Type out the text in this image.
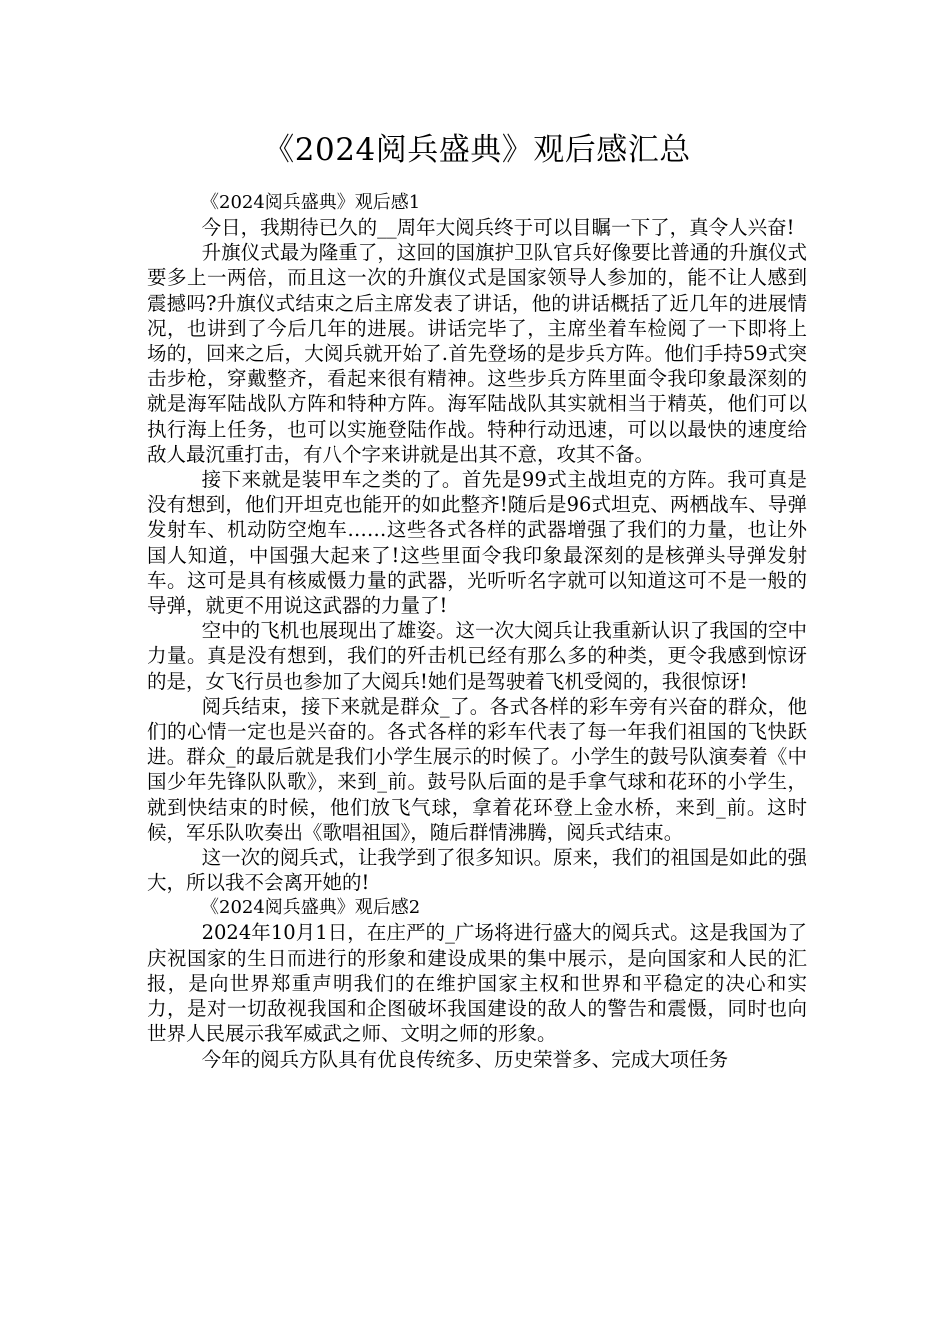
《2024阅兵盛典》观后感汇总
《2024阅兵盛典》观后感1

今日，我期待已久的__周年大阅兵终于可以目瞩一下了，真令人兴奋!

升旗仪式最为隆重了，这回的国旗护卫队官兵好像要比普通的升旗仪式要多上一两倍，而且这一次的升旗仪式是国家领导人参加的，能不让人感到震撼吗?升旗仪式结束之后主席发表了讲话，他的讲话概括了近几年的进展情况，也讲到了今后几年的进展。讲话完毕了，主席坐着车检阅了一下即将上场的，回来之后，大阅兵就开始了.首先登场的是步兵方阵。他们手持59式突击步枪，穿戴整齐，看起来很有精神。这些步兵方阵里面令我印象最深刻的就是海军陆战队方阵和特种方阵。海军陆战队其实就相当于精英，他们可以执行海上任务，也可以实施登陆作战。特种行动迅速，可以以最快的速度给敌人最沉重打击，有八个字来讲就是出其不意，攻其不备。

接下来就是装甲车之类的了。首先是99式主战坦克的方阵。我可真是没有想到，他们开坦克也能开的如此整齐!随后是96式坦克、两栖战车、导弹发射车、机动防空炮车……这些各式各样的武器增强了我们的力量，也让外国人知道，中国强大起来了!这些里面令我印象最深刻的是核弹头导弹发射车。这可是具有核威慑力量的武器，光听听名字就可以知道这可不是一般的导弹，就更不用说这武器的力量了!

空中的飞机也展现出了雄姿。这一次大阅兵让我重新认识了我国的空中力量。真是没有想到，我们的歼击机已经有那么多的种类，更令我感到惊讶的是，女飞行员也参加了大阅兵!她们是驾驶着飞机受阅的，我很惊讶!

阅兵结束，接下来就是群众_了。各式各样的彩车旁有兴奋的群众，他们的心情一定也是兴奋的。各式各样的彩车代表了每一年我们祖国的飞快跃进。群众_的最后就是我们小学生展示的时候了。小学生的鼓号队演奏着《中国少年先锋队队歌》，来到_前。鼓号队后面的是手拿气球和花环的小学生，就到快结束的时候，他们放飞气球，拿着花环登上金水桥，来到_前。这时候，军乐队吹奏出《歌唱祖国》，随后群情沸腾，阅兵式结束。

这一次的阅兵式，让我学到了很多知识。原来，我们的祖国是如此的强大，所以我不会离开她的!

《2024阅兵盛典》观后感2

2024年10月1日，在庄严的_广场将进行盛大的阅兵式。这是我国为了庆祝国家的生日而进行的形象和建设成果的集中展示，是向国家和人民的汇报，是向世界郑重声明我们的在维护国家主权和世界和平稳定的决心和实力，是对一切敌视我国和企图破坏我国建设的敌人的警告和震慑，同时也向世界人民展示我军威武之师、文明之师的形象。

今年的阅兵方队具有优良传统多、历史荣誉多、完成大项任务
